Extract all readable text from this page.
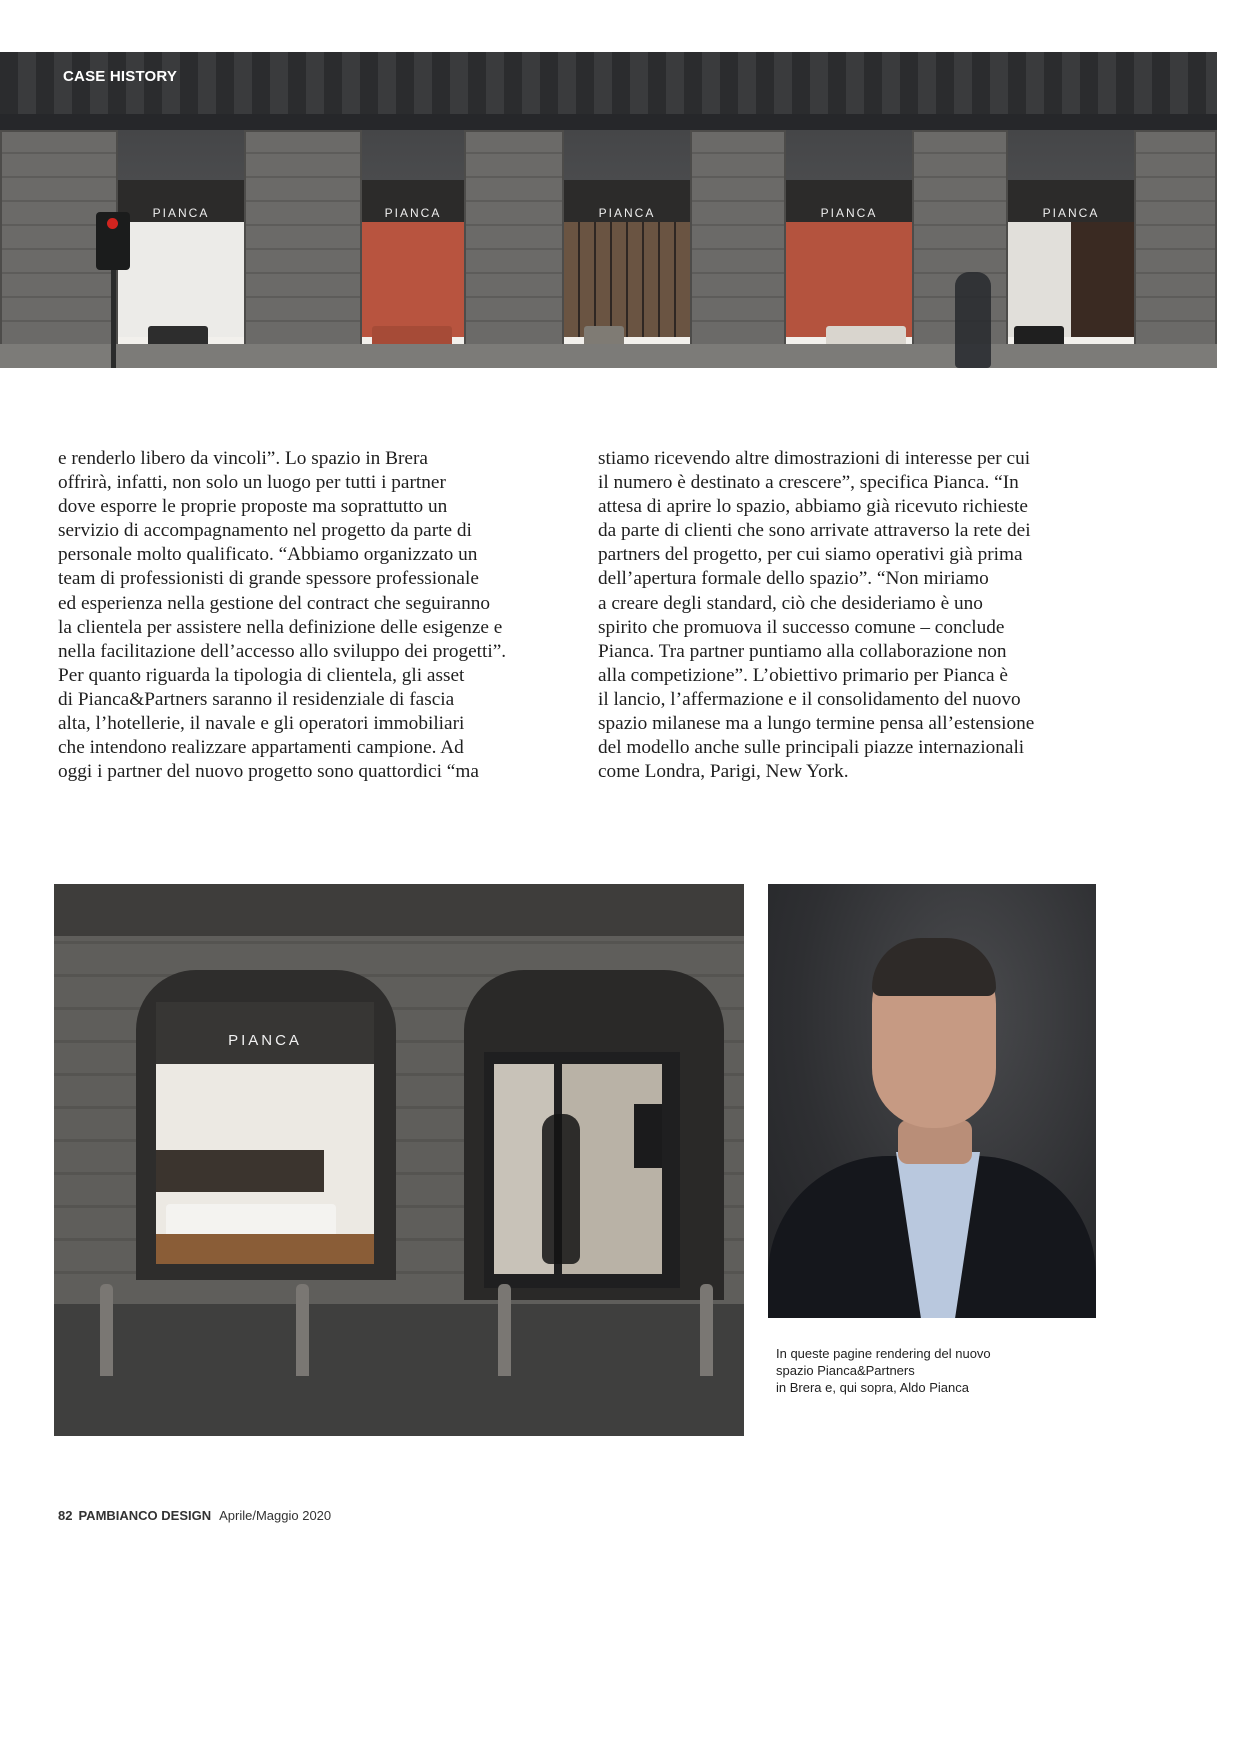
PIANCA	PIANCA	PIANCA	PIANCA	PIANCA
CASE HISTORY

e renderlo libero da vincoli”. Lo spazio in Brera

offrirà, infatti, non solo un luogo per tutti i partner

dove esporre le proprie proposte ma soprattutto un

servizio di accompagnamento nel progetto da parte di

personale molto qualificato. “Abbiamo organizzato un

team di professionisti di grande spessore professionale

ed esperienza nella gestione del contract che seguiranno

la clientela per assistere nella definizione delle esigenze e

nella facilitazione dell’accesso allo sviluppo dei progetti”.

Per quanto riguarda la tipologia di clientela, gli asset

di Pianca&Partners saranno il residenziale di fascia

alta, l’hotellerie, il navale e gli operatori immobiliari

che intendono realizzare appartamenti campione. Ad

oggi i partner del nuovo progetto sono quattordici “ma

stiamo ricevendo altre dimostrazioni di interesse per cui

il numero è destinato a crescere”, specifica Pianca. “In

attesa di aprire lo spazio, abbiamo già ricevuto richieste

da parte di clienti che sono arrivate attraverso la rete dei

partners del progetto, per cui siamo operativi già prima

dell’apertura formale dello spazio”. “Non miriamo

a creare degli standard, ciò che desideriamo è uno

spirito che promuova il successo comune – conclude

Pianca. Tra partner puntiamo alla collaborazione non

alla competizione”. L’obiettivo primario per Pianca è

il lancio, l’affermazione e il consolidamento del nuovo

spazio milanese ma a lungo termine pensa all’estensione

del modello anche sulle principali piazze internazionali

come Londra, Parigi, New York.

PIANCA

In queste pagine rendering del nuovo

spazio Pianca&Partners

in Brera e, qui sopra, Aldo Pianca

82 PAMBIANCO DESIGN Aprile/Maggio 2020
